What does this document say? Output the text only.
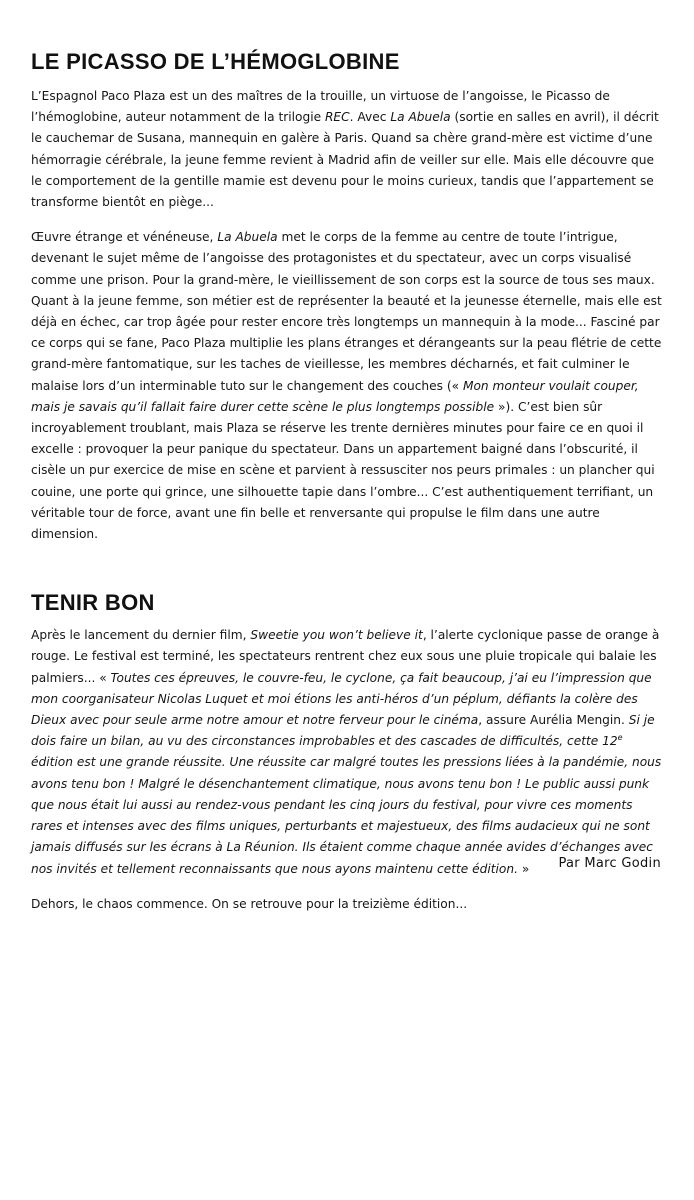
LE PICASSO DE L’HÉMOGLOBINE

L’Espagnol Paco Plaza est un des maîtres de la trouille, un virtuose de l’angoisse, le Picasso de l’hémoglobine, auteur notamment de la trilogie REC. Avec La Abuela (sortie en salles en avril), il décrit le cauchemar de Susana, mannequin en galère à Paris. Quand sa chère grand-mère est victime d’une hémorragie cérébrale, la jeune femme revient à Madrid afin de veiller sur elle. Mais elle découvre que le comportement de la gentille mamie est devenu pour le moins curieux, tandis que l’appartement se transforme bientôt en piège...

Œuvre étrange et vénéneuse, La Abuela met le corps de la femme au centre de toute l’intrigue, devenant le sujet même de l’angoisse des protagonistes et du spectateur, avec un corps visualisé comme une prison. Pour la grand-mère, le vieillissement de son corps est la source de tous ses maux. Quant à la jeune femme, son métier est de représenter la beauté et la jeunesse éternelle, mais elle est déjà en échec, car trop âgée pour rester encore très longtemps un mannequin à la mode... Fasciné par ce corps qui se fane, Paco Plaza multiplie les plans étranges et dérangeants sur la peau flétrie de cette grand-mère fantomatique, sur les taches de vieillesse, les membres décharnés, et fait culminer le malaise lors d’un interminable tuto sur le changement des couches (« Mon monteur voulait couper, mais je savais qu’il fallait faire durer cette scène le plus longtemps possible »). C’est bien sûr incroyablement troublant, mais Plaza se réserve les trente dernières minutes pour faire ce en quoi il excelle : provoquer la peur panique du spectateur. Dans un appartement baigné dans l’obscurité, il cisèle un pur exercice de mise en scène et parvient à ressusciter nos peurs primales : un plancher qui couine, une porte qui grince, une silhouette tapie dans l’ombre... C’est authentiquement terrifiant, un véritable tour de force, avant une fin belle et renversante qui propulse le film dans une autre dimension.

TENIR BON

Après le lancement du dernier film, Sweetie you won’t believe it, l’alerte cyclonique passe de orange à rouge. Le festival est terminé, les spectateurs rentrent chez eux sous une pluie tropicale qui balaie les palmiers... « Toutes ces épreuves, le couvre-feu, le cyclone, ça fait beaucoup, j’ai eu l’impression que mon coorganisateur Nicolas Luquet et moi étions les anti-héros d’un péplum, défiants la colère des Dieux avec pour seule arme notre amour et notre ferveur pour le cinéma, assure Aurélia Mengin. Si je dois faire un bilan, au vu des circonstances improbables et des cascades de difficultés, cette 12e édition est une grande réussite. Une réussite car malgré toutes les pressions liées à la pandémie, nous avons tenu bon ! Malgré le désenchantement climatique, nous avons tenu bon ! Le public aussi punk que nous était lui aussi au rendez-vous pendant les cinq jours du festival, pour vivre ces moments rares et intenses avec des films uniques, perturbants et majestueux, des films audacieux qui ne sont jamais diffusés sur les écrans à La Réunion. Ils étaient comme chaque année avides d’échanges avec nos invités et tellement reconnaissants que nous ayons maintenu cette édition. »

Dehors, le chaos commence. On se retrouve pour la treizième édition...

Par Marc Godin
